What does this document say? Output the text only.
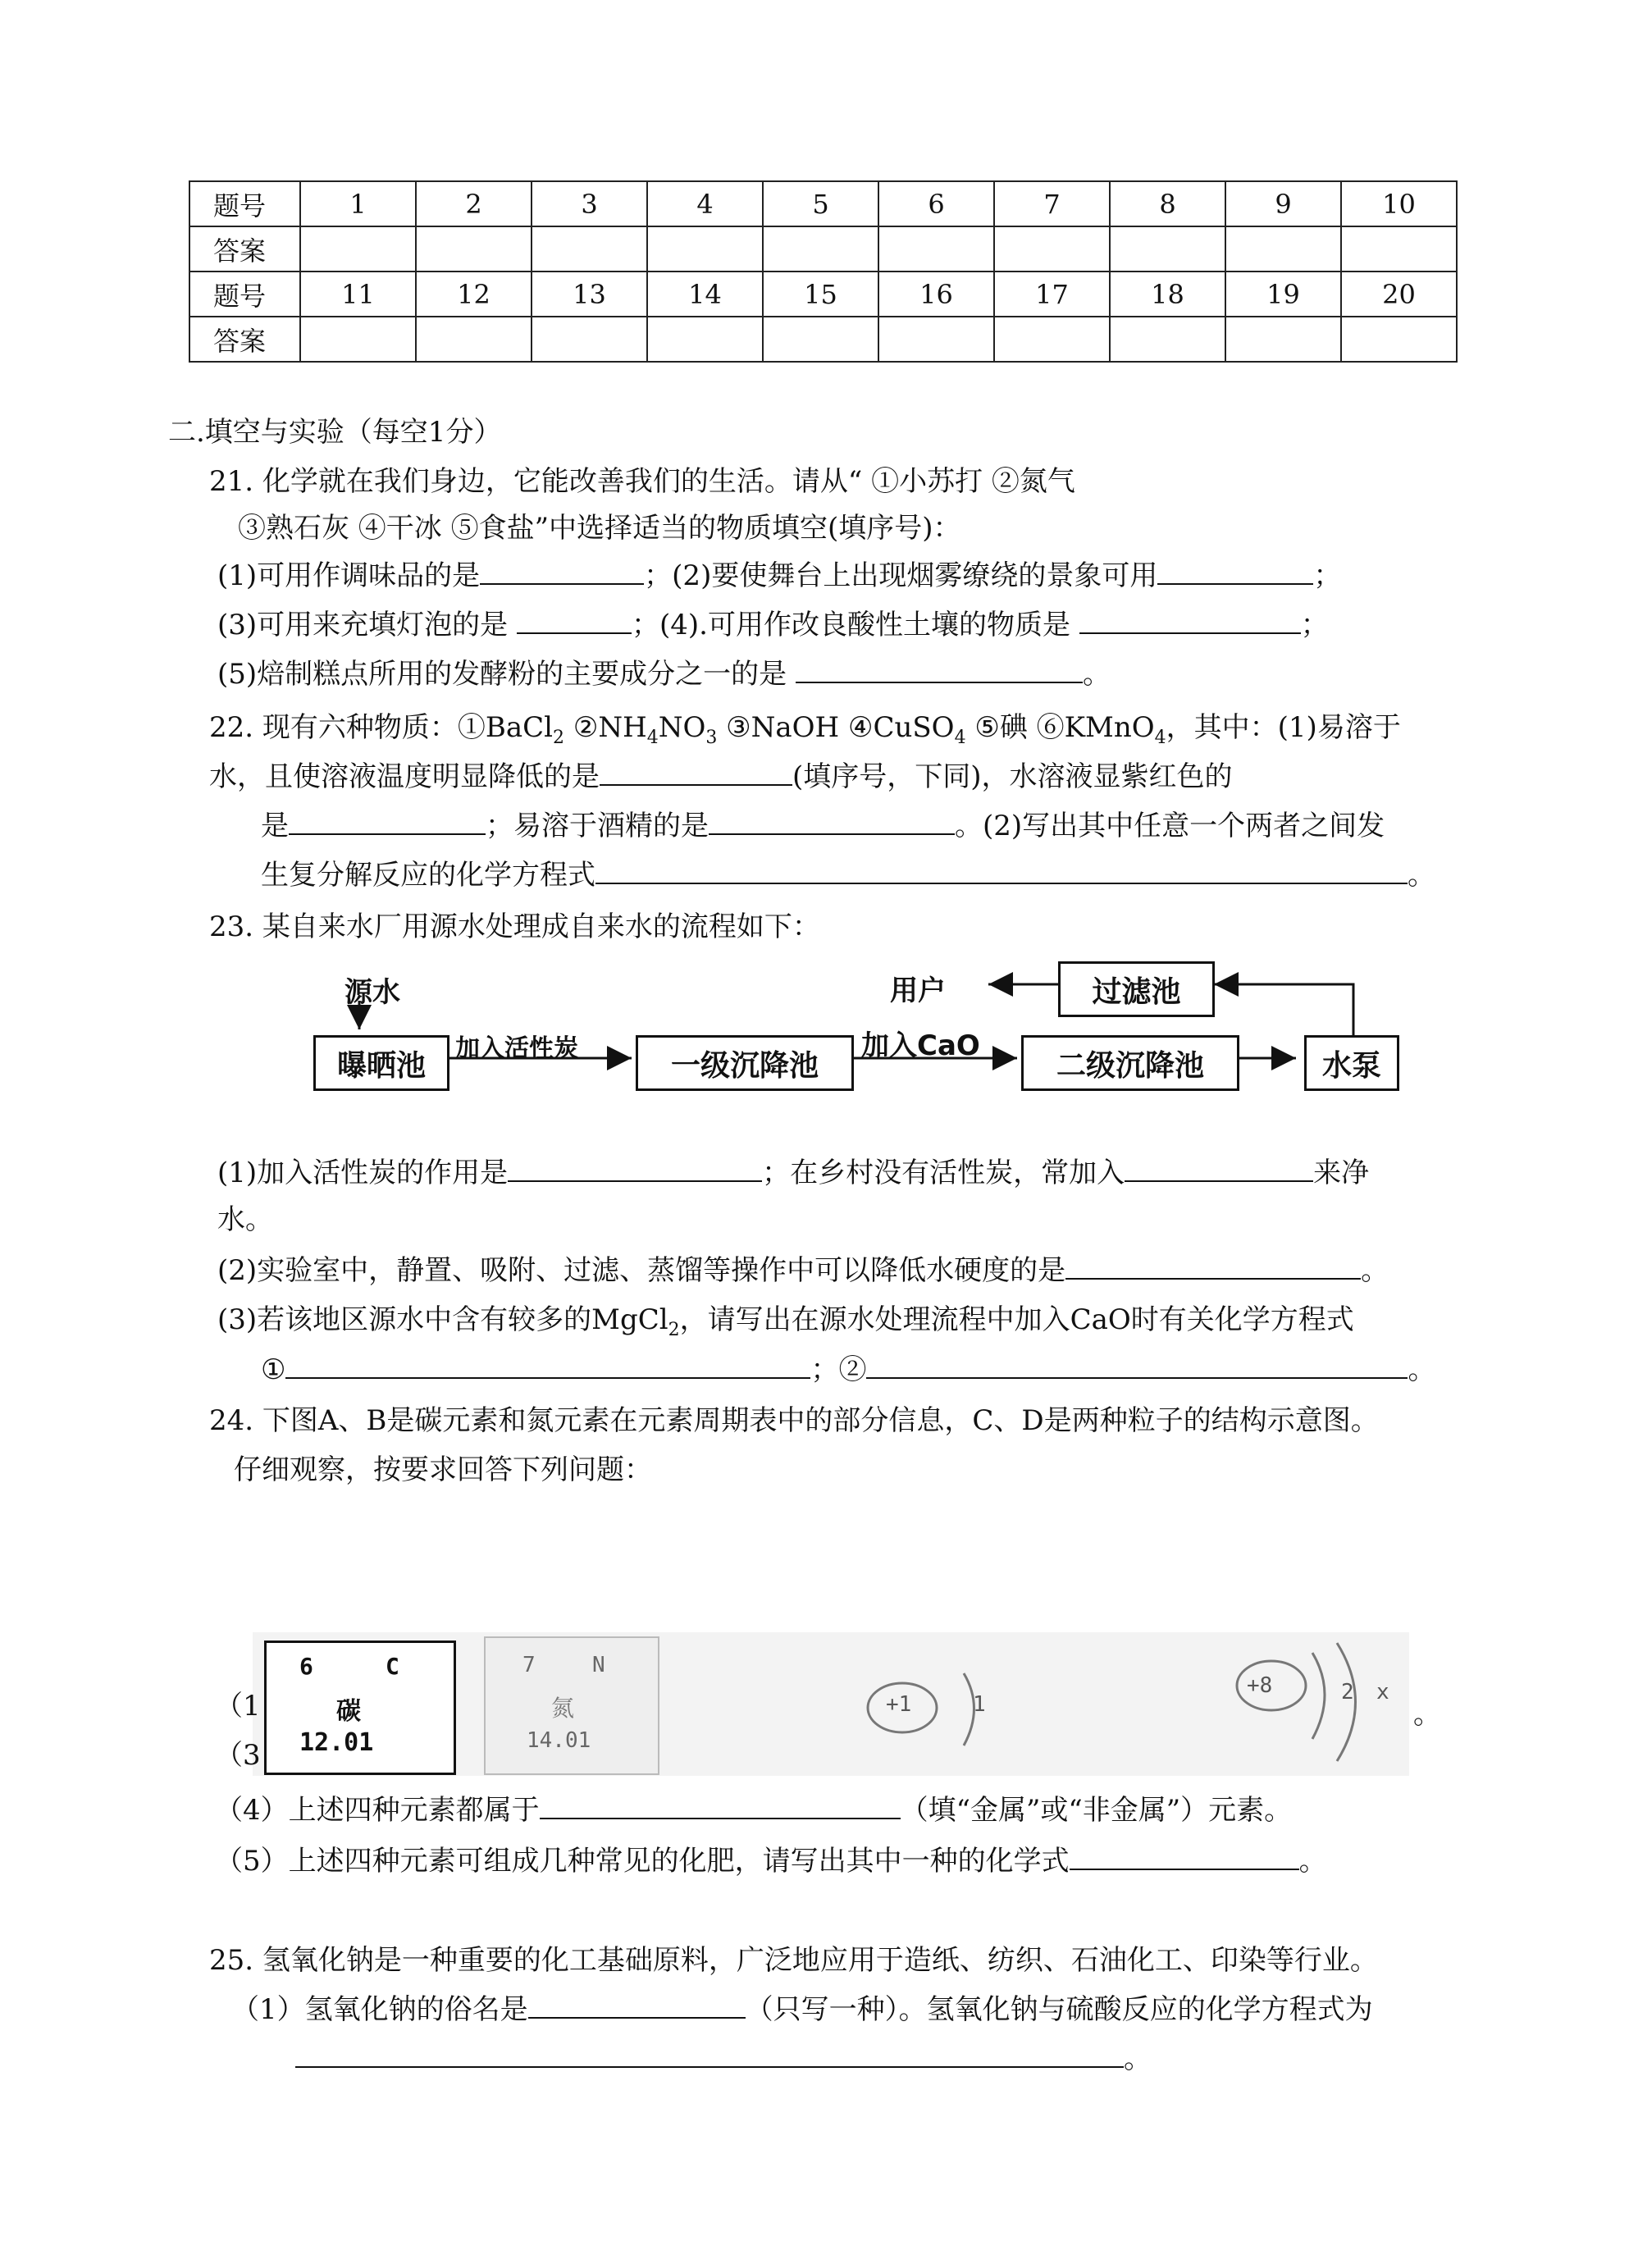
题号	1	2	3	4	5	6	7	8	9	10
答案										
题号	11	12	13	14	15	16	17	18	19	20
答案										
二.填空与实验（每空1分）
21. 化学就在我们身边，它能改善我们的生活。请从“ ①小苏打 ②氮气
③熟石灰 ④干冰 ⑤食盐”中选择适当的物质填空(填序号)：
(1)可用作调味品的是	；(2)要使舞台上出现烟雾缭绕的景象可用	；
(3)可用来充填灯泡的是	；(4).可用作改良酸性土壤的物质是	；
(5)焙制糕点所用的发酵粉的主要成分之一的是	。
22. 现有六种物质：①BaCl$_2$ $②NH_4NO_3$ ③NaOH ④CuSO$_4$ ⑤碘 ⑥KMnO$_4$，其中：(1)易溶于
水，且使溶液温度明显降低的是	(填序号，下同)，水溶液显紫红色的
是	；易溶于酒精的是	。(2)写出其中任意一个两者之间发
生复分解反应的化学方程式	。
23. 某自来水厂用源水处理成自来水的流程如下：
源水
曝晒池	加入活性炭	一级沉降池
加入CaO
二级沉降池	水泵
过滤池
用户
(1)加入活性炭的作用是	；在乡村没有活性炭，常加入	来净
水。
(2)实验室中，静置、吸附、过滤、蒸馏等操作中可以降低水硬度的是	。
(3)若该地区源水中含有较多的MgCl$_2$，请写出在源水处理流程中加入CaO时有关化学方程式
①	；②	。
24. 下图A、B是碳元素和氮元素在元素周期表中的部分信息，C、D是两种粒子的结构示意图。
仔细观察，按要求回答下列问题：
6	C
碳
12.01
7	N
氮
14.01
+1	1
+8	2 x
（1
（3
。
（4）上述四种元素都属于	（填“金属”或“非金属”）元素。
（5）上述四种元素可组成几种常见的化肥，请写出其中一种的化学式	。
25. 氢氧化钠是一种重要的化工基础原料，广泛地应用于造纸、纺织、石油化工、印染等行业。
（1）氢氧化钠的俗名是	（只写一种）。氢氧化钠与硫酸反应的化学方程式为
。
